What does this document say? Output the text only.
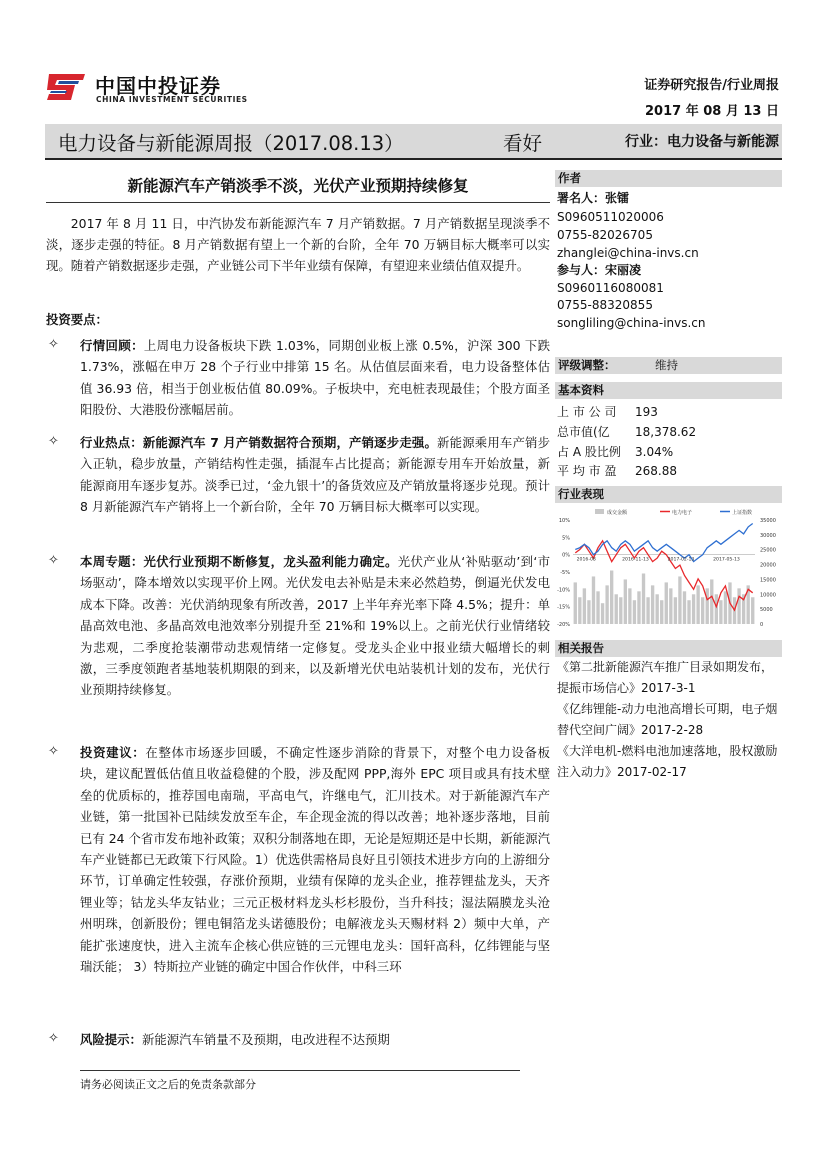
中国中投证券
CHINA INVESTMENT SECURITIES
证券研究报告/行业周报
2017 年 08 月 13 日
电力设备与新能源周报（2017.08.13）	看好	行业：电力设备与新能源
新能源汽车产销淡季不淡，光伏产业预期持续修复
2017 年 8 月 11 日，中汽协发布新能源汽车 7 月产销数据。7 月产销数据呈现淡季不淡，逐步走强的特征。8 月产销数据有望上一个新的台阶，全年 70 万辆目标大概率可以实现。随着产销数据逐步走强，产业链公司下半年业绩有保障，有望迎来业绩估值双提升。
投资要点：
✧ 行情回顾：上周电力设备板块下跌 1.03%，同期创业板上涨 0.5%，沪深 300 下跌 1.73%，涨幅在申万 28 个子行业中排第 15 名。从估值层面来看，电力设备整体估值 36.93 倍，相当于创业板估值 80.09%。子板块中，充电桩表现最佳；个股方面圣阳股份、大港股份涨幅居前。
✧ 行业热点：新能源汽车 7 月产销数据符合预期，产销逐步走强。新能源乘用车产销步入正轨，稳步放量，产销结构性走强，插混车占比提高；新能源专用车开始放量，新能源商用车逐步复苏。淡季已过，‘金九银十’的备货效应及产销放量将逐步兑现。预计 8 月新能源汽车产销将上一个新台阶，全年 70 万辆目标大概率可以实现。
✧ 本周专题：光伏行业预期不断修复，龙头盈利能力确定。光伏产业从‘补贴驱动’到‘市场驱动’，降本增效以实现平价上网。光伏发电去补贴是未来必然趋势，倒逼光伏发电成本下降。改善：光伏消纳现象有所改善，2017 上半年弃光率下降 4.5%；提升：单晶高效电池、多晶高效电池效率分别提升至 21%和 19%以上。之前光伏行业情绪较为悲观，二季度抢装潮带动悲观情绪一定修复。受龙头企业中报业绩大幅增长的刺激，三季度领跑者基地装机期限的到来，以及新增光伏电站装机计划的发布，光伏行业预期持续修复。
✧ 投资建议：在整体市场逐步回暖，不确定性逐步消除的背景下，对整个电力设备板块，建议配置低估值且收益稳健的个股，涉及配网 PPP,海外 EPC 项目或具有技术壁垒的优质标的，推荐国电南瑞，平高电气，许继电气，汇川技术。对于新能源汽车产业链，第一批国补已陆续发放至车企，车企现金流的得以改善；地补逐步落地，目前已有 24 个省市发布地补政策；双积分制落地在即，无论是短期还是中长期，新能源汽车产业链都已无政策下行风险。1）优选供需格局良好且引领技术进步方向的上游细分环节，订单确定性较强，存涨价预期，业绩有保障的龙头企业，推荐锂盐龙头，天齐锂业等；钴龙头华友钴业；三元正极材料龙头杉杉股份，当升科技；湿法隔膜龙头沧州明珠，创新股份；锂电铜箔龙头诺德股份；电解液龙头天赐材料 2）频中大单，产能扩张速度快，进入主流车企核心供应链的三元锂电龙头：国轩高科，亿纬锂能与坚瑞沃能； 3）特斯拉产业链的确定中国合作伙伴，中科三环
✧ 风险提示：新能源汽车销量不及预期，电改进程不达预期
请务必阅读正文之后的免责条款部分
作者
署名人：张镭
S0960511020006
0755-82026705
zhanglei@china-invs.cn
参与人：宋丽凌
S0960116080081
0755-88320855
songliling@china-invs.cn
评级调整：	维持
基本资料
上 市 公 司 193
总市值(亿 18,378.62
占 A 股比例 3.04%
平 均 市 盈 268.88
行业表现
成交金额	电力电子	上证指数
10%
5%
0%
-5%
-10%
-15%
-20%
35000
30000
25000
20000
15000
10000
5000
0
2016-08	2016-11-13	2017-02-13	2017-05-13
相关报告
《第二批新能源汽车推广目录如期发布，提振市场信心》2017-3-1
《亿纬锂能-动力电池高增长可期，电子烟替代空间广阔》2017-2-28
《大洋电机-燃料电池加速落地，股权激励注入动力》2017-02-17
